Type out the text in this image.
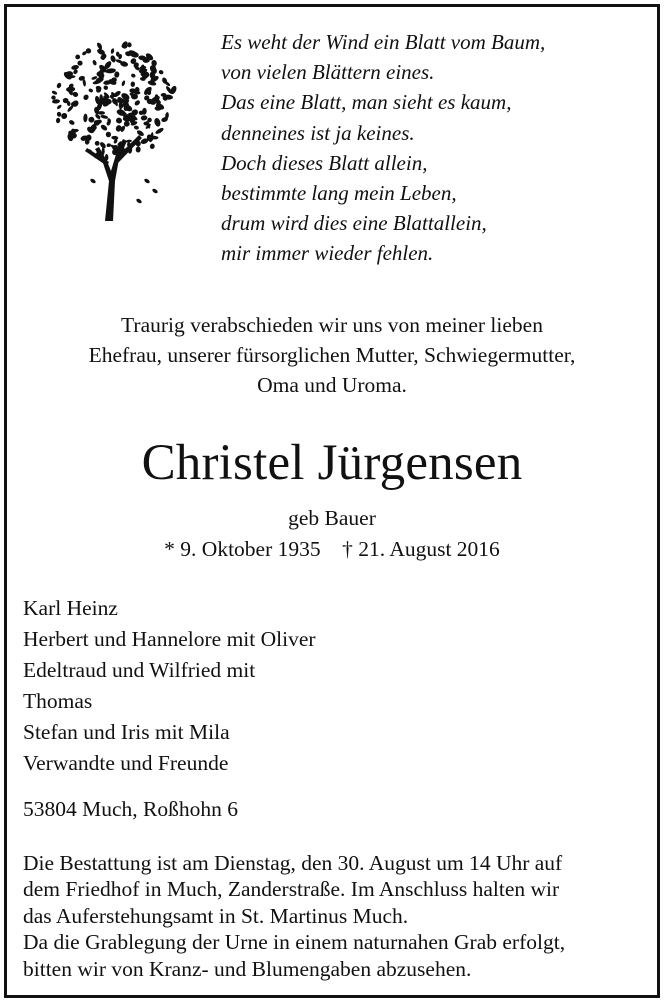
Es weht der Wind ein Blatt vom Baum,
von vielen Blättern eines.
Das eine Blatt, man sieht es kaum,
denneines ist ja keines.
Doch dieses Blatt allein,
bestimmte lang mein Leben,
drum wird dies eine Blattallein,
mir immer wieder fehlen.
Traurig verabschieden wir uns von meiner lieben
Ehefrau, unserer fürsorglichen Mutter, Schwiegermutter,
Oma und Uroma.
Christel Jürgensen
geb Bauer
* 9. Oktober 1935 † 21. August 2016
Karl Heinz
Herbert und Hannelore mit Oliver
Edeltraud und Wilfried mit
Thomas
Stefan und Iris mit Mila
Verwandte und Freunde
53804 Much, Roßhohn 6
Die Bestattung ist am Dienstag, den 30. August um 14 Uhr auf
dem Friedhof in Much, Zanderstraße. Im Anschluss halten wir
das Auferstehungsamt in St. Martinus Much.
Da die Grablegung der Urne in einem naturnahen Grab erfolgt,
bitten wir von Kranz- und Blumengaben abzusehen.
